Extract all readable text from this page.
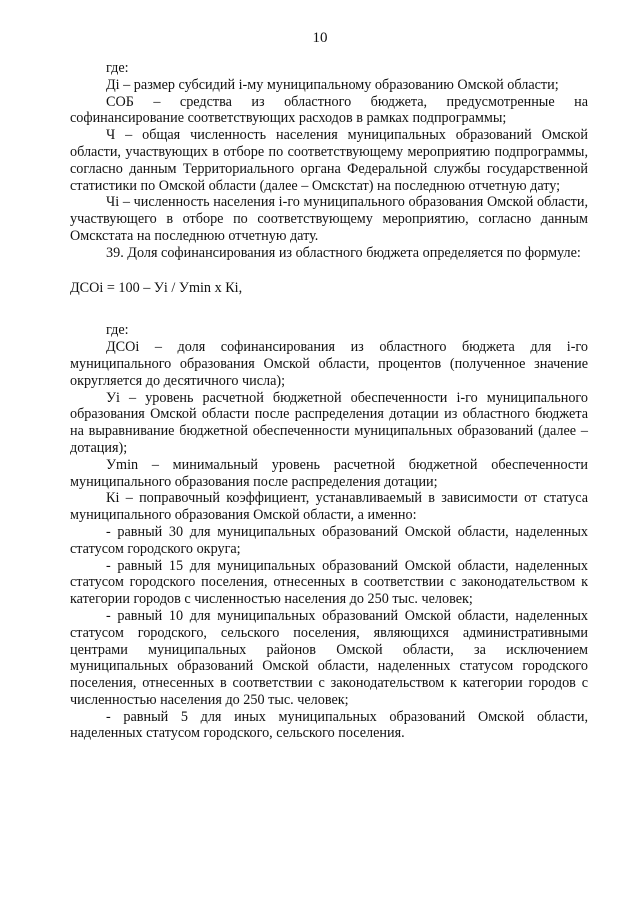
10

где:

Дi – размер субсидий i-му муниципальному образованию Омской области;

СОБ – средства из областного бюджета, предусмотренные на софинансирование соответствующих расходов в рамках подпрограммы;

Ч – общая численность населения муниципальных образований Омской области, участвующих в отборе по соответствующему мероприятию подпрограммы, согласно данным Территориального органа Федеральной службы государственной статистики по Омской области (далее – Омскстат) на последнюю отчетную дату;

Чi – численность населения i-го муниципального образования Омской области, участвующего в отборе по соответствующему мероприятию, согласно данным Омскстата на последнюю отчетную дату.

39. Доля софинансирования из областного бюджета определяется по формуле:

ДСОi = 100 – Уi / Уmin x Кi,

где:

ДСОi – доля софинансирования из областного бюджета для i-го муниципального образования Омской области, процентов (полученное значение округляется до десятичного числа);

Уi – уровень расчетной бюджетной обеспеченности i-го муниципального образования Омской области после распределения дотации из областного бюджета на выравнивание бюджетной обеспеченности муниципальных образований (далее – дотация);

Уmin – минимальный уровень расчетной бюджетной обеспеченности муниципального образования после распределения дотации;

Кi – поправочный коэффициент, устанавливаемый в зависимости от статуса муниципального образования Омской области, а именно:

- равный 30 для муниципальных образований Омской области, наделенных статусом городского округа;

- равный 15 для муниципальных образований Омской области, наделенных статусом городского поселения, отнесенных в соответствии с законодательством к категории городов с численностью населения до 250 тыс. человек;

- равный 10 для муниципальных образований Омской области, наделенных статусом городского, сельского поселения, являющихся административными центрами муниципальных районов Омской области, за исключением муниципальных образований Омской области, наделенных статусом городского поселения, отнесенных в соответствии с законодательством к категории городов с численностью населения до 250 тыс. человек;

- равный 5 для иных муниципальных образований Омской области, наделенных статусом городского, сельского поселения.
